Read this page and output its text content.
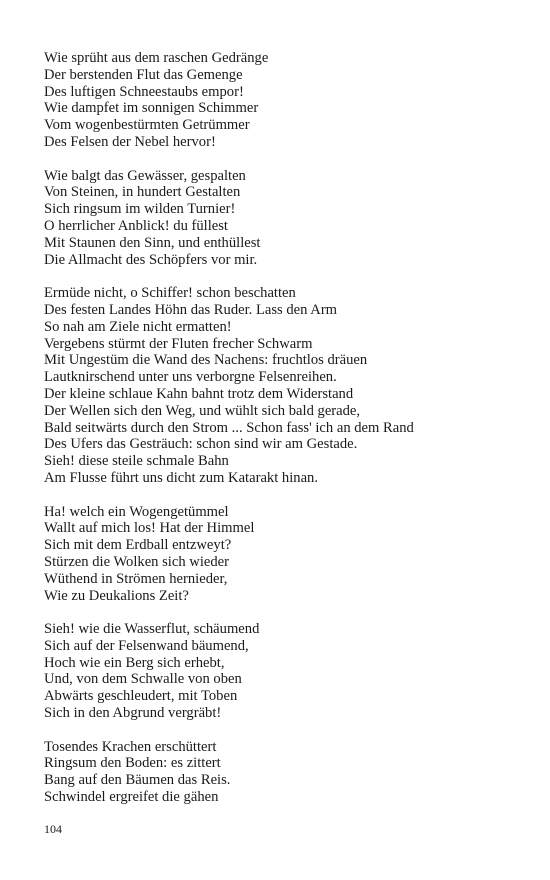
Wie sprüht aus dem raschen Gedränge
Der berstenden Flut das Gemenge
Des luftigen Schneestaubs empor!
Wie dampfet im sonnigen Schimmer
Vom wogenbestürmten Getrümmer
Des Felsen der Nebel hervor!
Wie balgt das Gewässer, gespalten
Von Steinen, in hundert Gestalten
Sich ringsum im wilden Turnier!
O herrlicher Anblick! du füllest
Mit Staunen den Sinn, und enthüllest
Die Allmacht des Schöpfers vor mir.
Ermüde nicht, o Schiffer! schon beschatten
Des festen Landes Höhn das Ruder. Lass den Arm
So nah am Ziele nicht ermatten!
Vergebens stürmt der Fluten frecher Schwarm
Mit Ungestüm die Wand des Nachens: fruchtlos dräuen
Lautknirschend unter uns verborgne Felsenreihen.
Der kleine schlaue Kahn bahnt trotz dem Widerstand
Der Wellen sich den Weg, und wühlt sich bald gerade,
Bald seitwärts durch den Strom ... Schon fass' ich an dem Rand
Des Ufers das Gesträuch: schon sind wir am Gestade.
Sieh! diese steile schmale Bahn
Am Flusse führt uns dicht zum Katarakt hinan.
Ha! welch ein Wogengetümmel
Wallt auf mich los! Hat der Himmel
Sich mit dem Erdball entzweyt?
Stürzen die Wolken sich wieder
Wüthend in Strömen hernieder,
Wie zu Deukalions Zeit?
Sieh! wie die Wasserflut, schäumend
Sich auf der Felsenwand bäumend,
Hoch wie ein Berg sich erhebt,
Und, von dem Schwalle von oben
Abwärts geschleudert, mit Toben
Sich in den Abgrund vergräbt!
Tosendes Krachen erschüttert
Ringsum den Boden: es zittert
Bang auf den Bäumen das Reis.
Schwindel ergreifet die gähen
104
